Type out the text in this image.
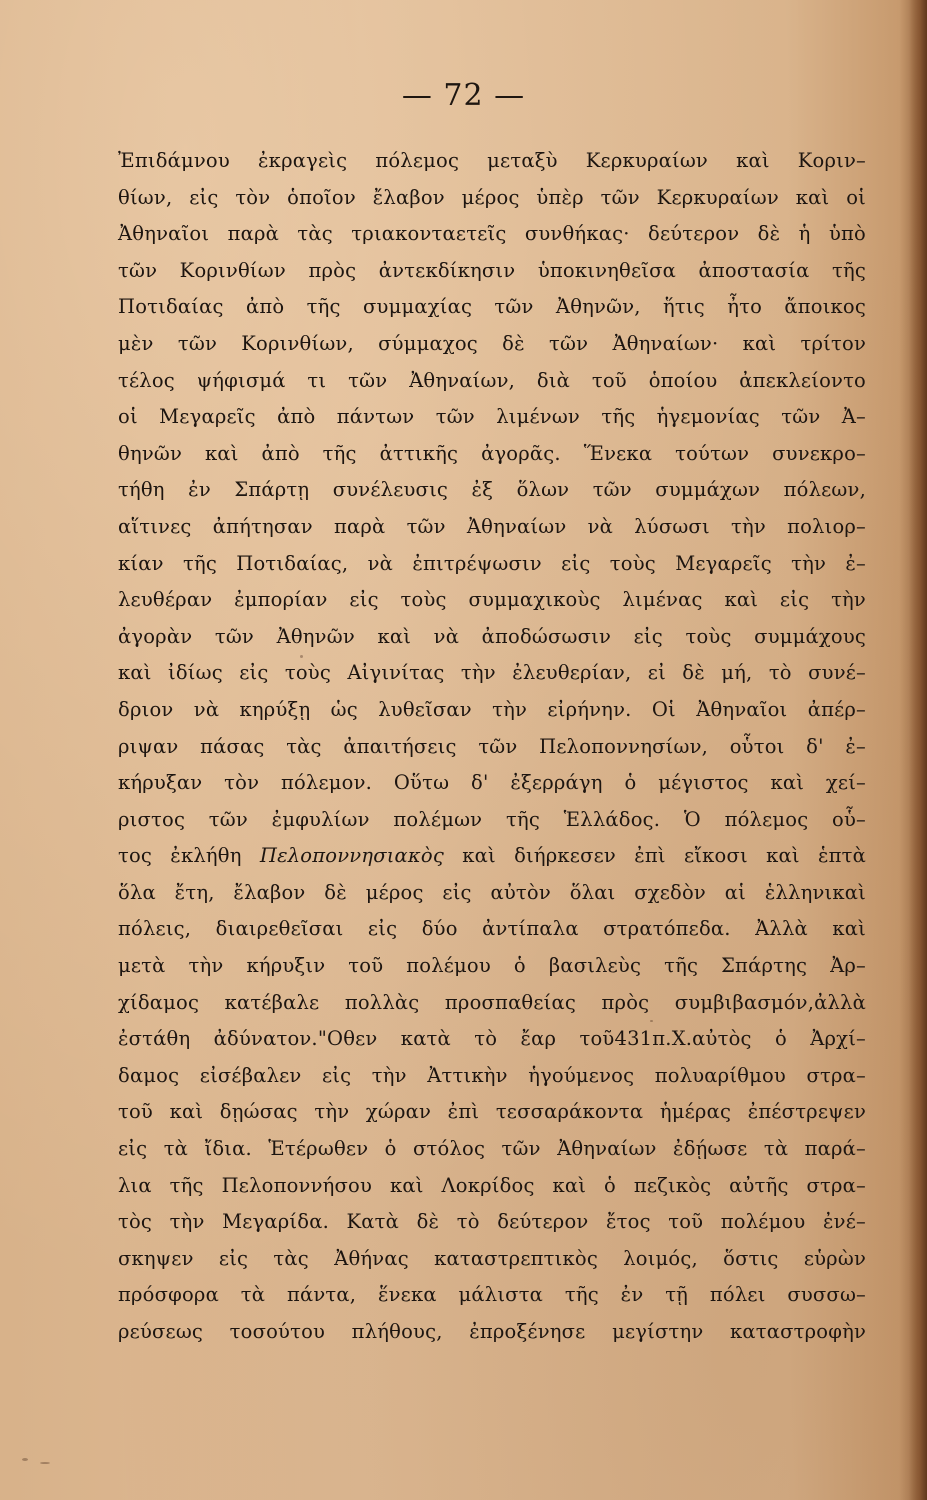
— 72 —
Ἐπιδάμνου ἐκραγεὶς πόλεμος μεταξὺ Κερκυραίων καὶ Κοριν–
θίων, εἰς τὸν ὁποῖον ἔλαβον μέρος ὑπὲρ τῶν Κερκυραίων καὶ οἱ
Ἀθηναῖοι παρὰ τὰς τριακονταετεῖς συνθήκας· δεύτερον δὲ ἡ ὑπὸ
τῶν Κορινθίων πρὸς ἀντεκδίκησιν ὑποκινηθεῖσα ἀποστασία τῆς
Ποτιδαίας ἀπὸ τῆς συμμαχίας τῶν Ἀθηνῶν, ἥτις ἦτο ἄποικος
μὲν τῶν Κορινθίων, σύμμαχος δὲ τῶν Ἀθηναίων· καὶ τρίτον
τέλος ψήφισμά τι τῶν Ἀθηναίων, διὰ τοῦ ὁποίου ἀπεκλείοντο
οἱ Μεγαρεῖς ἀπὸ πάντων τῶν λιμένων τῆς ἡγεμονίας τῶν Ἀ–
θηνῶν καὶ ἀπὸ τῆς ἀττικῆς ἀγορᾶς. Ἕνεκα τούτων συνεκρο–
τήθη ἐν Σπάρτῃ συνέλευσις ἐξ ὅλων τῶν συμμάχων πόλεων,
αἵτινες ἀπήτησαν παρὰ τῶν Ἀθηναίων νὰ λύσωσι τὴν πολιορ–
κίαν τῆς Ποτιδαίας, νὰ ἐπιτρέψωσιν εἰς τοὺς Μεγαρεῖς τὴν ἐ–
λευθέραν ἐμπορίαν εἰς τοὺς συμμαχικοὺς λιμένας καὶ εἰς τὴν
ἀγορὰν τῶν Ἀθηνῶν καὶ νὰ ἀποδώσωσιν εἰς τοὺς συμμάχους
καὶ ἰδίως εἰς τοὺς Αἰγινίτας τὴν ἐλευθερίαν, εἰ δὲ μή, τὸ συνέ–
δριον νὰ κηρύξῃ ὡς λυθεῖσαν τὴν εἰρήνην. Οἱ Ἀθηναῖοι ἀπέρ–
ριψαν πάσας τὰς ἀπαιτήσεις τῶν Πελοποννησίων, οὗτοι δ' ἐ–
κήρυξαν τὸν πόλεμον. Οὕτω δ' ἐξερράγη ὁ μέγιστος καὶ χεί–
ριστος τῶν ἐμφυλίων πολέμων τῆς Ἑλλάδος. Ὁ πόλεμος οὗ–
τος ἐκλήθη Πελοποννησιακὸς καὶ διήρκεσεν ἐπὶ εἴκοσι καὶ ἑπτὰ
ὅλα ἔτη, ἔλαβον δὲ μέρος εἰς αὐτὸν ὅλαι σχεδὸν αἱ ἑλληνικαὶ
πόλεις, διαιρεθεῖσαι εἰς δύο ἀντίπαλα στρατόπεδα. Ἀλλὰ καὶ
μετὰ τὴν κήρυξιν τοῦ πολέμου ὁ βασιλεὺς τῆς Σπάρτης Ἀρ–
χίδαμος κατέβαλε πολλὰς προσπαθείας πρὸς συμβιβασμόν,ἀλλὰ
ἐστάθη ἀδύνατον."Οθεν κατὰ τὸ ἔαρ τοῦ431π.Χ.αὐτὸς ὁ Ἀρχί–
δαμος εἰσέβαλεν εἰς τὴν Ἀττικὴν ἡγούμενος πολυαρίθμου στρα–
τοῦ καὶ δῃώσας τὴν χώραν ἐπὶ τεσσαράκοντα ἡμέρας ἐπέστρεψεν
εἰς τὰ ἴδια. Ἑτέρωθεν ὁ στόλος τῶν Ἀθηναίων ἐδῄωσε τὰ παρά–
λια τῆς Πελοποννήσου καὶ Λοκρίδος καὶ ὁ πεζικὸς αὐτῆς στρα–
τὸς τὴν Μεγαρίδα. Κατὰ δὲ τὸ δεύτερον ἔτος τοῦ πολέμου ἐνέ–
σκηψεν εἰς τὰς Ἀθήνας καταστρεπτικὸς λοιμός, ὅστις εὑρὼν
πρόσφορα τὰ πάντα, ἕνεκα μάλιστα τῆς ἐν τῇ πόλει συσσω–
ρεύσεως τοσούτου πλήθους, ἐπροξένησε μεγίστην καταστροφὴν
